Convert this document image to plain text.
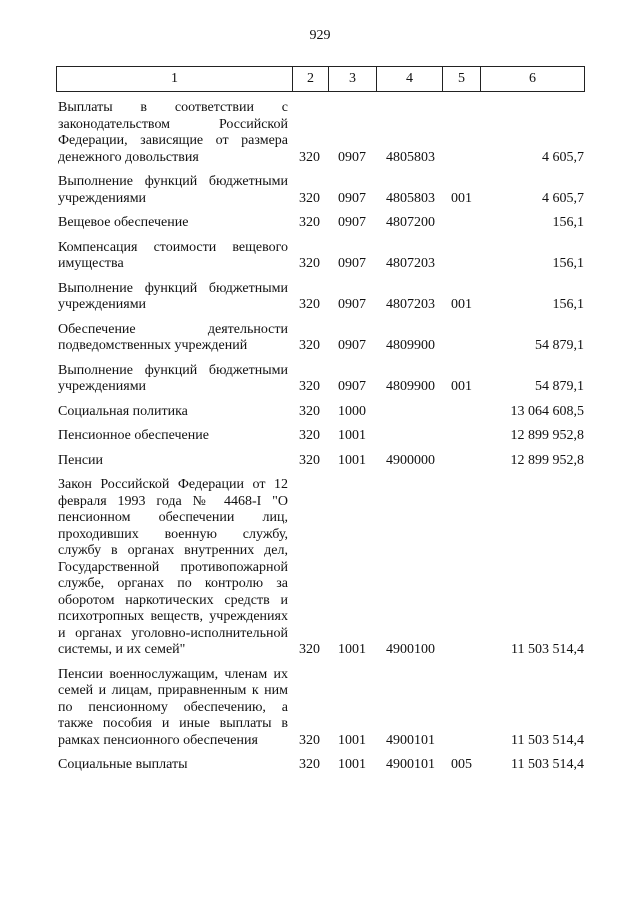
929
1	2	3	4	5	6
Выплаты в соответствии с законодательством Российской Федерации, зависящие от размера денежного довольствия	320 0907 4805803	4 605,7
Выполнение функций бюджетными учреждениями	320 0907 4805803 001	4 605,7
Вещевое обеспечение	320 0907 4807200	156,1
Компенсация стоимости вещевого имущества	320 0907 4807203	156,1
Выполнение функций бюджетными учреждениями	320 0907 4807203 001	156,1
Обеспечение деятельности подведомственных учреждений	320 0907 4809900	54 879,1
Выполнение функций бюджетными учреждениями	320 0907 4809900 001	54 879,1
Социальная политика	320 1000	13 064 608,5
Пенсионное обеспечение	320 1001	12 899 952,8
Пенсии	320 1001 4900000	12 899 952,8
Закон Российской Федерации от 12 февраля 1993 года № 4468-I "О пенсионном обеспечении лиц, проходивших военную службу, службу в органах внутренних дел, Государственной противопожарной службе, органах по контролю за оборотом наркотических средств и психотропных веществ, учреждениях и органах уголовно-исполнительной системы, и их семей"	320 1001 4900100	11 503 514,4
Пенсии военнослужащим, членам их семей и лицам, приравненным к ним по пенсионному обеспечению, а также пособия и иные выплаты в рамках пенсионного обеспечения	320 1001 4900101	11 503 514,4
Социальные выплаты	320 1001 4900101 005	11 503 514,4
